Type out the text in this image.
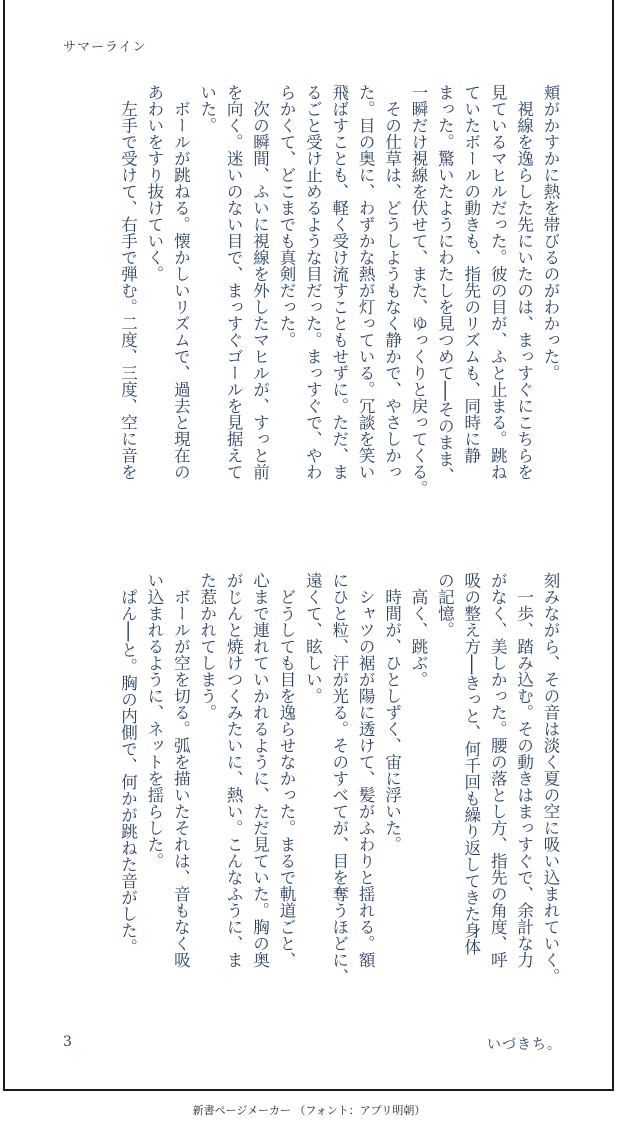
サマーライン

頬がかすかに熱を帯びるのがわかった。

　視線を逸らした先にいたのは、まっすぐにこちらを

見ているマヒルだった。彼の目が、ふと止まる。跳ね

ていたボールの動きも、指先のリズムも、同時に静

まった。驚いたようにわたしを見つめて──そのまま、

一瞬だけ視線を伏せて、また、ゆっくりと戻ってくる。

　その仕草は、どうしようもなく静かで、やさしかっ

た。目の奥に、わずかな熱が灯っている。冗談を笑い

飛ばすことも、軽く受け流すこともせずに。ただ、ま

るごと受け止めるような目だった。まっすぐで、やわ

らかくて、どこまでも真剣だった。

　次の瞬間、ふいに視線を外したマヒルが、すっと前

を向く。迷いのない目で、まっすぐゴールを見据えて

いた。

　ボールが跳ねる。懐かしいリズムで、過去と現在の

あわいをすり抜けていく。

　左手で受けて、右手で弾む。二度、三度、空に音を

刻みながら、その音は淡く夏の空に吸い込まれていく。

　一歩、踏み込む。その動きはまっすぐで、余計な力

がなく、美しかった。腰の落とし方、指先の角度、呼

吸の整え方──きっと、何千回も繰り返してきた身体

の記憶。

　高く、跳ぶ。

　時間が、ひとしずく、宙に浮いた。

　シャツの裾が陽に透けて、髪がふわりと揺れる。額

にひと粒、汗が光る。そのすべてが、目を奪うほどに、

遠くて、眩しい。

　どうしても目を逸らせなかった。まるで軌道ごと、

心まで連れていかれるように、ただ見ていた。胸の奥

がじんと焼けつくみたいに、熱い。こんなふうに、ま

た惹かれてしまう。

　ボールが空を切る。弧を描いたそれは、音もなく吸

い込まれるように、ネットを揺らした。

　ぱん──と。胸の内側で、何かが跳ねた音がした。

3	いづきち。
新書ページメーカー （フォント：アプリ明朝）
